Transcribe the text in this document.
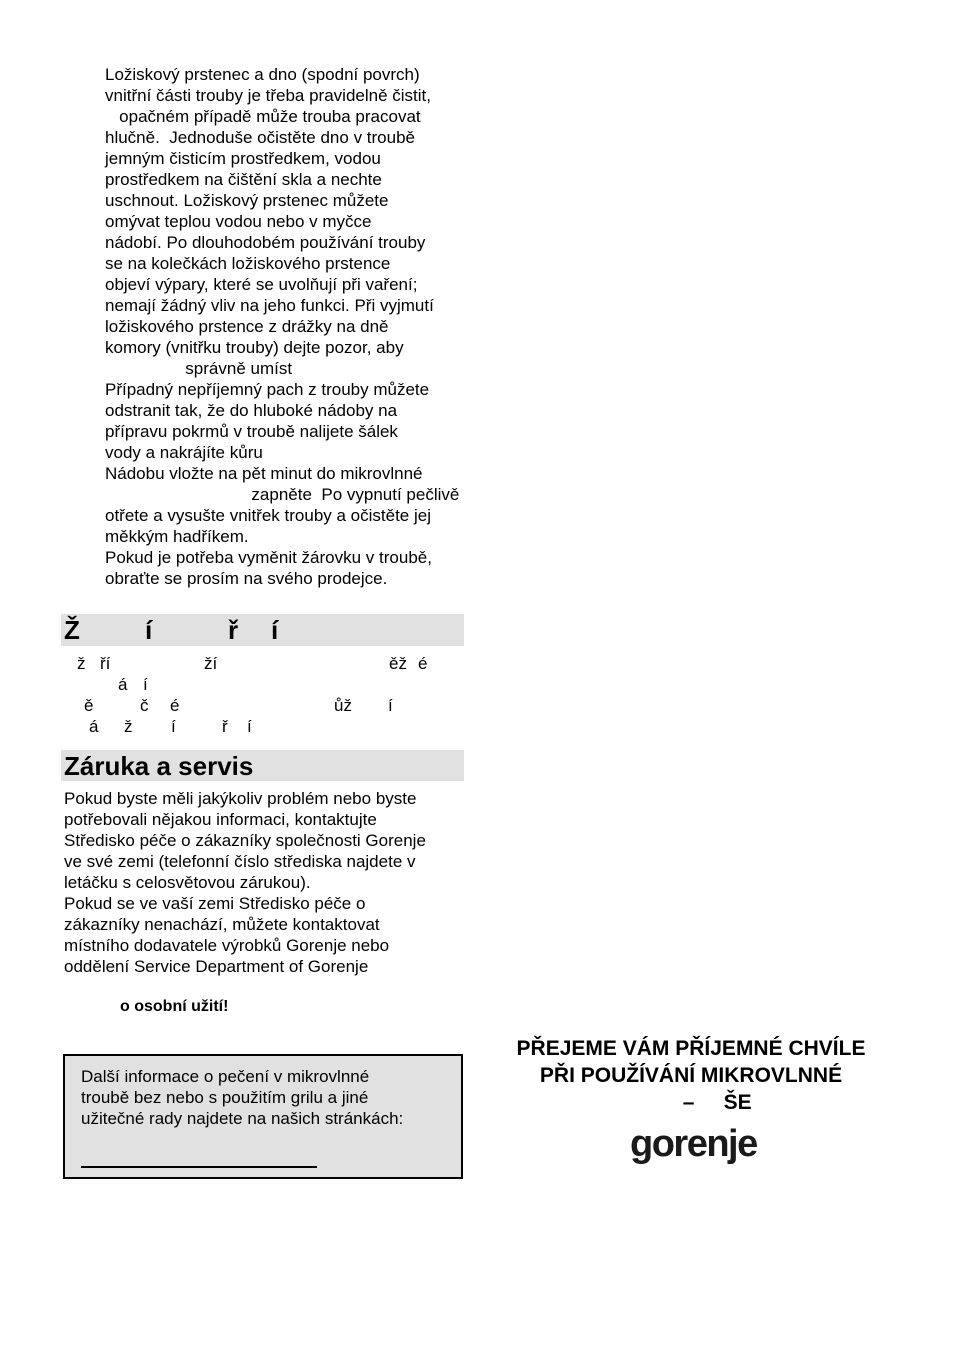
Ložiskový prstenec a dno (spodní povrch)
vnitřní části trouby je třeba pravidelně čistit,
opačném případě může trouba pracovat
hlučně.  Jednoduše očistěte dno v troubě
jemným čisticím prostředkem, vodou
prostředkem na čištění skla a nechte
uschnout. Ložiskový prstenec můžete
omývat teplou vodou nebo v myčce
nádobí. Po dlouhodobém používání trouby
se na kolečkách ložiskového prstence
objeví výpary, které se uvolňují při vaření;
nemají žádný vliv na jeho funkci. Při vyjmutí
ložiskového prstence z drážky na dně
komory (vnitřku trouby) dejte pozor, aby
správně umíst
Případný nepříjemný pach z trouby můžete
odstranit tak, že do hluboké nádoby na
přípravu pokrmů v troubě nalijete šálek
vody a nakrájíte kůru
Nádobu vložte na pět minut do mikrovlnné
zapněte  Po vypnutí pečlivě
otřete a vysušte vnitřek trouby a očistěte jej
měkkým hadříkem.
Pokud je potřeba vyměnit žárovku v troubě,
obraťte se prosím na svého prodejce.
Ž	í	ř í
ž ří	ží	ěž é
á í
ě	č é	ůž í
á ž í	ř í
Záruka a servis
Pokud byste měli jakýkoliv problém nebo byste
potřebovali nějakou informaci, kontaktujte
Středisko péče o zákazníky společnosti Gorenje
ve své zemi (telefonní číslo střediska najdete v
letáčku s celosvětovou zárukou).
Pokud se ve vaší zemi Středisko péče o
zákazníky nenachází, můžete kontaktovat
místního dodavatele výrobků Gorenje nebo
oddělení Service Department of Gorenje
o osobní užití!
Další informace o pečení v mikrovlnné
troubě bez nebo s použitím grilu a jiné
užitečné rady najdete na našich stránkách:
PŘEJEME VÁM PŘÍJEMNÉ CHVÍLE
PŘI POUŽÍVÁNÍ MIKROVLNNÉ
–     ŠE
gorenje
